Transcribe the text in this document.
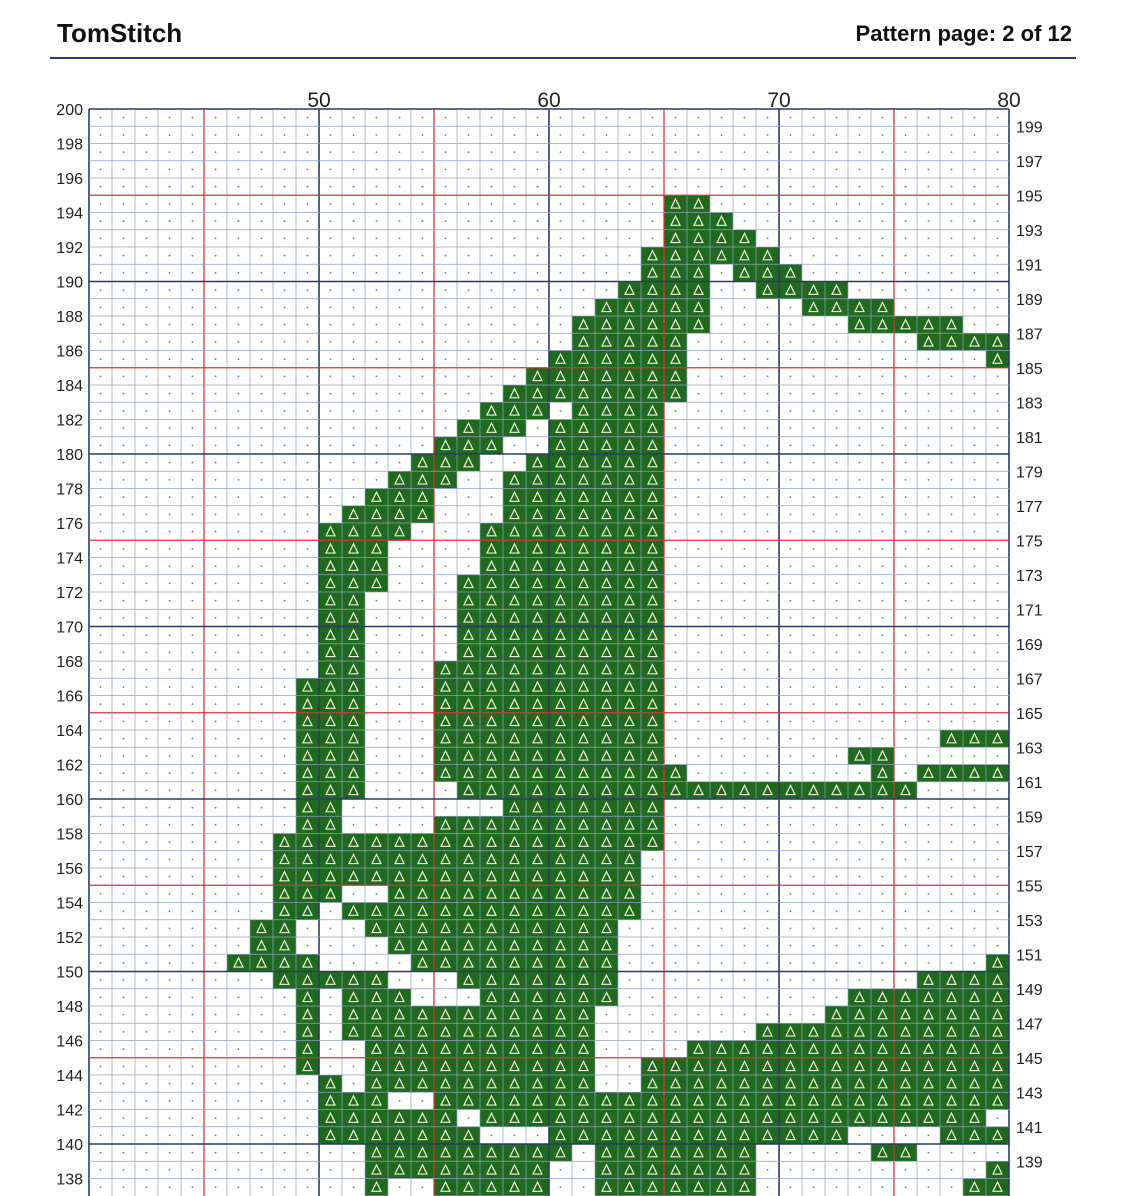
TomStitch	Pattern page: 2 of 12
50	60	70	80
200
198
196
194
192
190
188
186
184
182
180
178
176
174
172
170
168
166
164
162
160
158
156
154
152
150
148
146
144
142
140
138
199
197
195
193
191
189
187
185
183
181
179
177
175
173
171
169
167
165
163
161
159
157
155
153
151
149
147
145
143
141
139
